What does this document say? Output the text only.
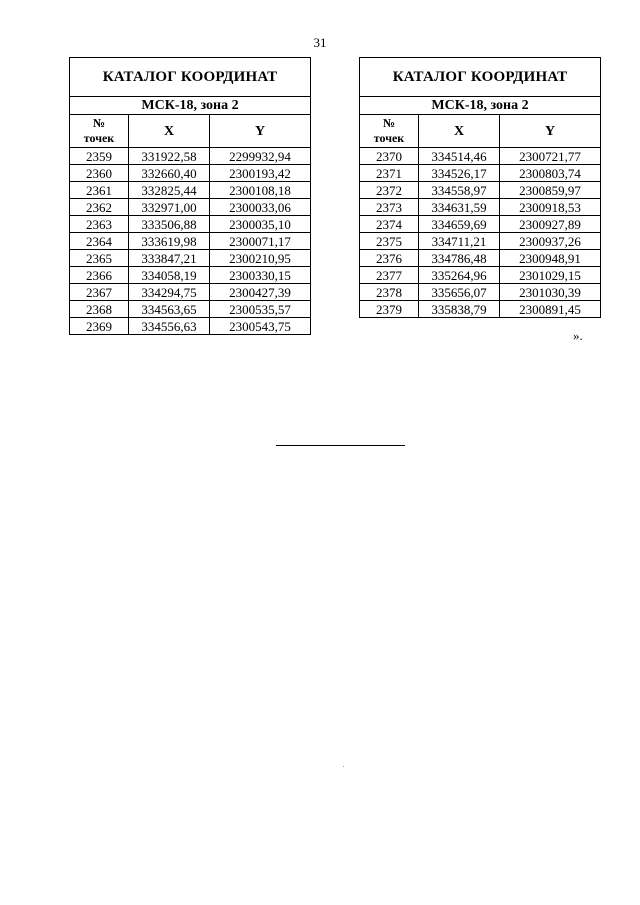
31
КАТАЛОГ КООРДИНАТ		
МСК-18, зона 2		
№
точек	X	Y
2359	331922,58	2299932,94
2360	332660,40	2300193,42
2361	332825,44	2300108,18
2362	332971,00	2300033,06
2363	333506,88	2300035,10
2364	333619,98	2300071,17
2365	333847,21	2300210,95
2366	334058,19	2300330,15
2367	334294,75	2300427,39
2368	334563,65	2300535,57
2369	334556,63	2300543,75
КАТАЛОГ КООРДИНАТ		
МСК-18, зона 2		
№
точек	X	Y
2370	334514,46	2300721,77
2371	334526,17	2300803,74
2372	334558,97	2300859,97
2373	334631,59	2300918,53
2374	334659,69	2300927,89
2375	334711,21	2300937,26
2376	334786,48	2300948,91
2377	335264,96	2301029,15
2378	335656,07	2301030,39
2379	335838,79	2300891,45
».
